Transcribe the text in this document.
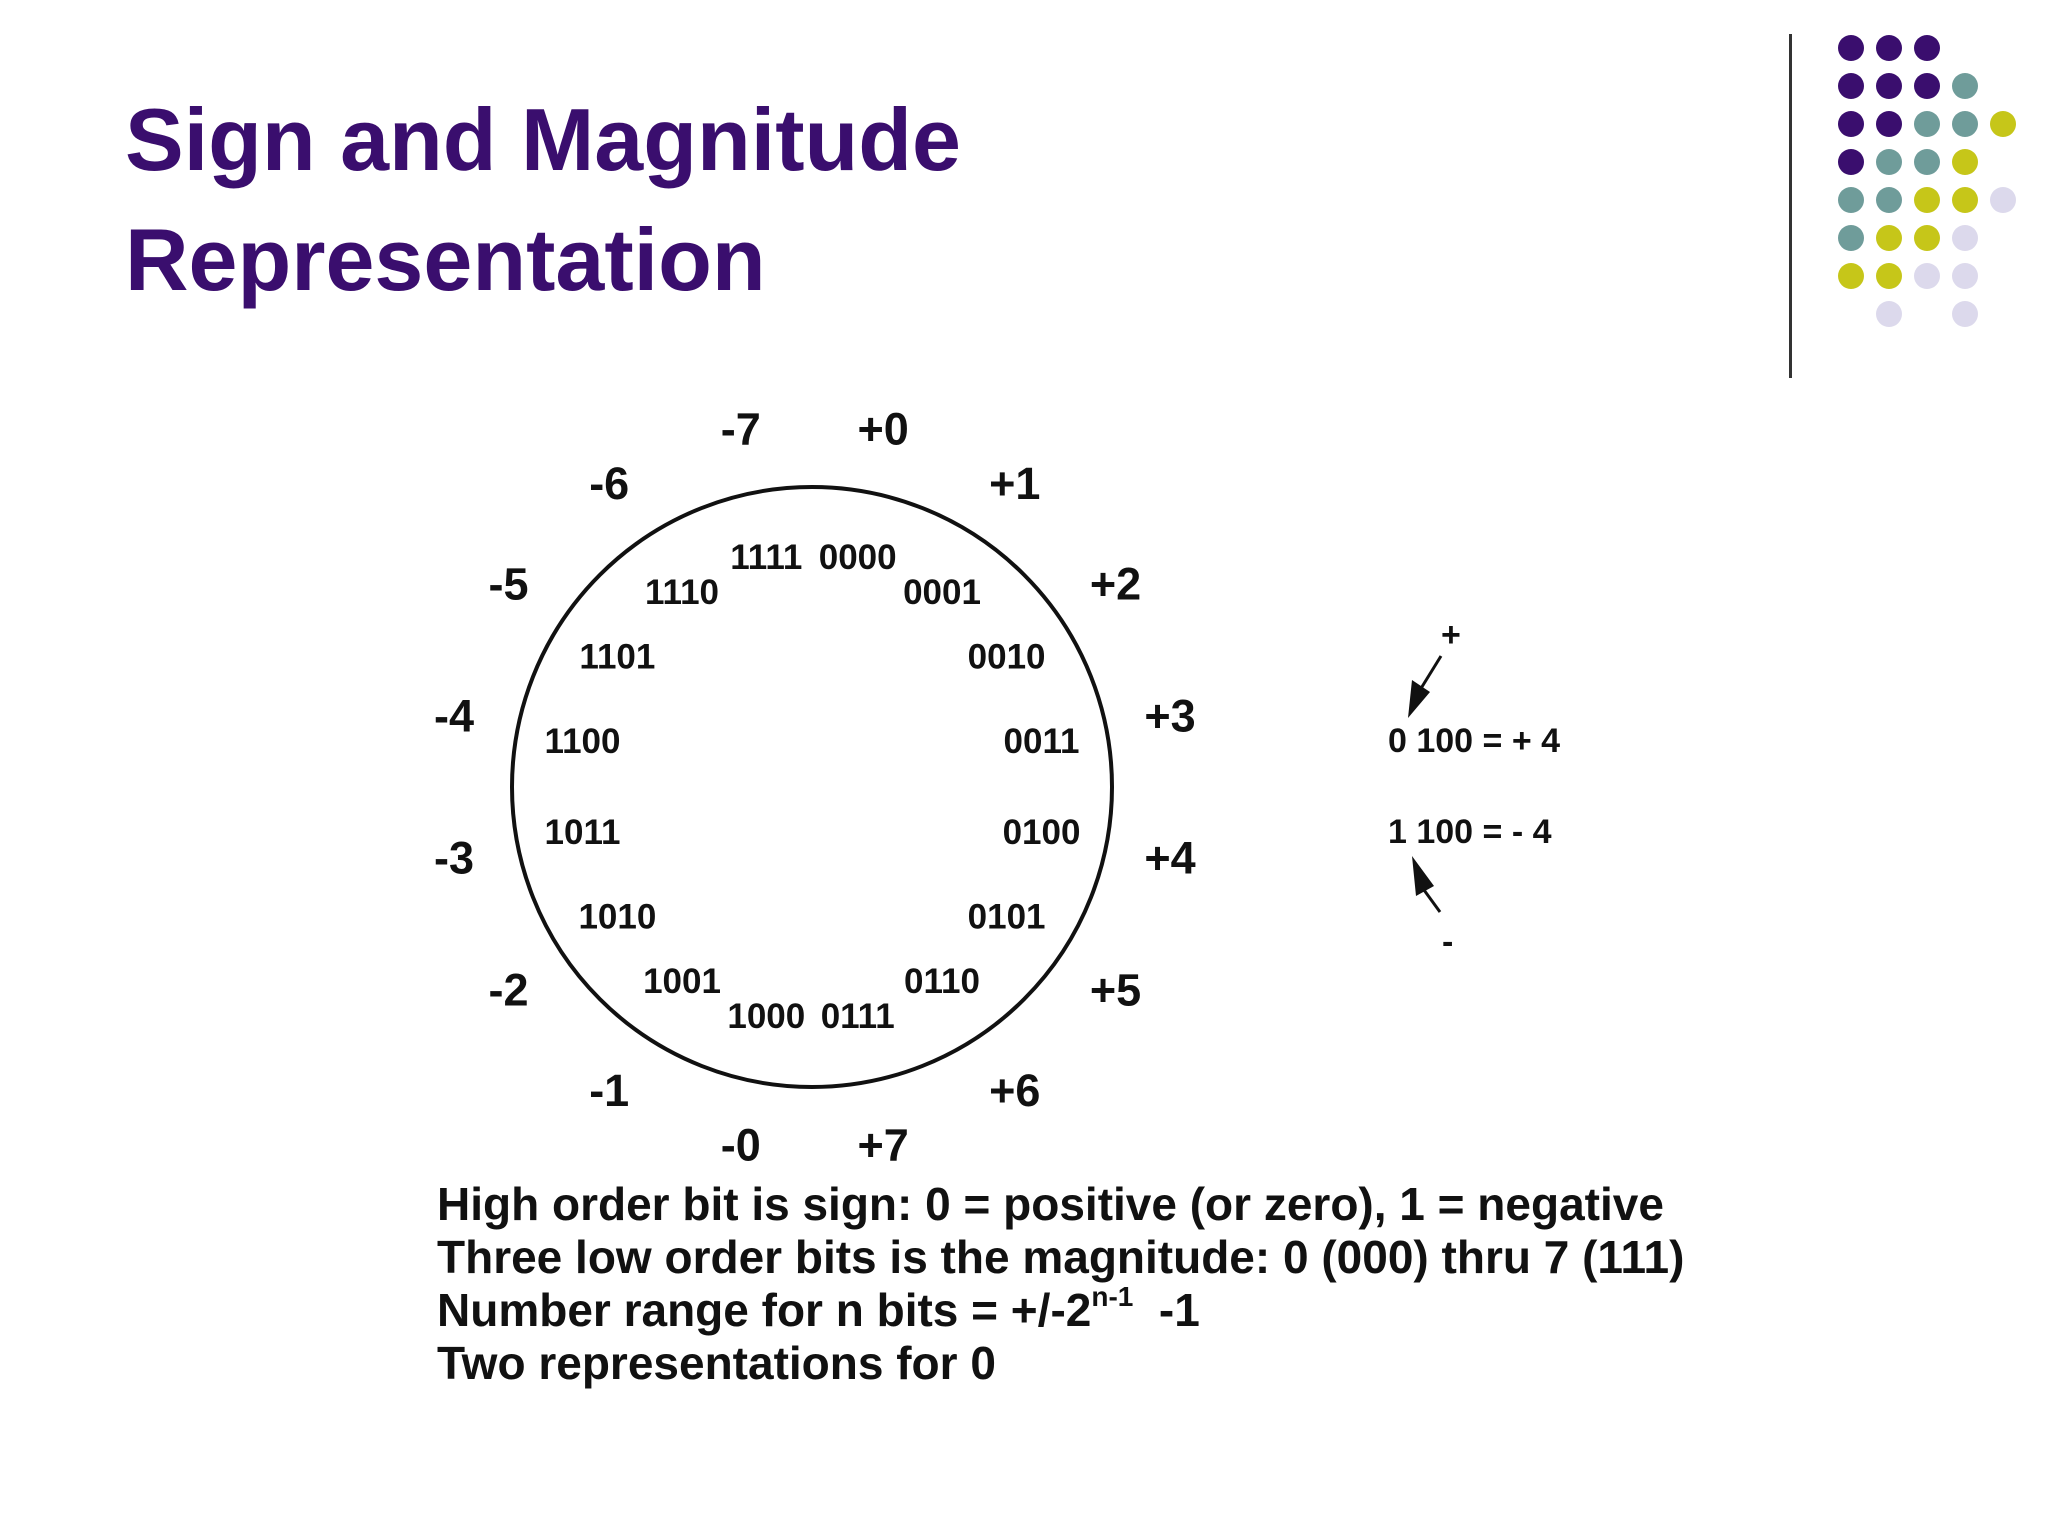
Sign and Magnitude
Representation
0000
+0
0001
+1
0010
+2
0011 +3
0100 +4
0101
+5
0110
+6
0111
+7
1000
-0
1001
-1
1010
-2
1011
-3
1100
-4
1101
-5	1110
-6
1111
-7
+
0 100 = + 4
1 100 = - 4
-
High order bit is sign: 0 = positive (or zero), 1 = negative
Three low order bits is the magnitude: 0 (000) thru 7 (111)
Number range for n bits = $+/-2^{n-1}$  -1
Two representations for 0
